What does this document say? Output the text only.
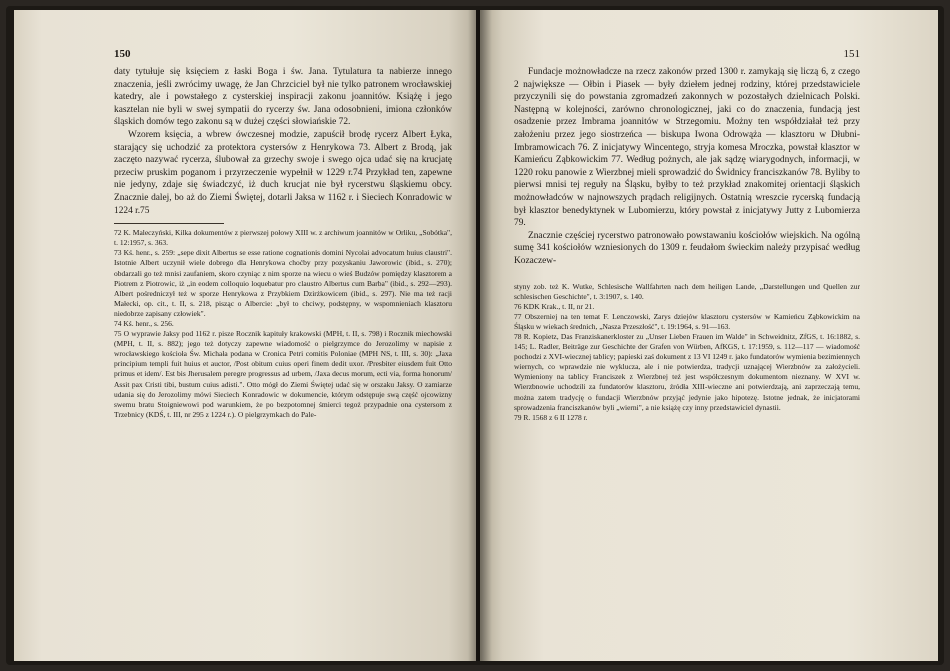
150

daty tytułuje się księciem z łaski Boga i św. Jana. Tytulatura ta nabierze innego znaczenia, jeśli zwrócimy uwagę, że Jan Chrzciciel był nie tylko patronem wrocławskiej katedry, ale i powstałego z cysterskiej inspiracji zakonu joannitów. Książę i jego kasztelan nie byli w swej sympatii do rycerzy św. Jana odosobnieni, imiona członków śląskich domów tego zakonu są w dużej części słowiańskie 72.

Wzorem księcia, a wbrew ówczesnej modzie, zapuścił brodę rycerz Albert Łyka, starający się uchodzić za protektora cystersów z Henrykowa 73. Albert z Brodą, jak zaczęto nazywać rycerza, ślubował za grzechy swoje i swego ojca udać się na krucjatę przeciw pruskim poganom i przyrzeczenie wypełnił w 1229 r.74 Przykład ten, zapewne nie jedyny, zdaje się świadczyć, iż duch krucjat nie był rycerstwu śląskiemu obcy. Znacznie dalej, bo aż do Ziemi Świętej, dotarli Jaksa w 1162 r. i Sieciech Konradowic w 1224 r.75

72 K. Maleczyński, Kilka dokumentów z pierwszej połowy XIII w. z archiwum joannitów w Orliku, „Sobótka", t. 12:1957, s. 363.

73 Kś. henr., s. 259: „sepe dixit Albertus se esse ratione cognationis domini Nycolai advocatum huius claustri". Istotnie Albert uczynił wiele dobrego dla Henrykowa choćby przy pozyskaniu Jaworowic (ibid., s. 270); obdarzali go też mnisi zaufaniem, skoro czyniąc z nim sporze na wiecu o wieś Budzów pomiędzy klasztorem a Piotrem z Piotrowic, iż „in eodem colloquio loquebatur pro claustro Albertus cum Barba" (ibid., s. 292—293). Albert pośredniczył też w sporze Henrykowa z Przybkiem Dzirżkowicem (ibid., s. 297). Nie ma też racji Małecki, op. cit., t. II, s. 218, pisząc o Albercie: „był to chciwy, podstępny, w wspomnieniach klasztoru niedobrze zapisany człowiek".

74 Kś. henr., s. 256.

75 O wyprawie Jaksy pod 1162 r. pisze Rocznik kapituły krakowski (MPH, t. II, s. 798) i Rocznik miechowski (MPH, t. II, s. 882); jego też dotyczy zapewne wiadomość o pielgrzymce do Jerozolimy w napisie z wrocławskiego kościoła Św. Michała podana w Cronica Petri comitis Poloniae (MPH NS, t. III, s. 30): „Jaxa principium templi fuit huius et auctor, /Post obitum cuius operi finem dedit uxor. /Presbiter eiusdem fuit Otto primus et idem/. Est bis Jherusalem peregre progressus ad urbem, /Jaxa decus morum, ecti via, forma honorum/ Assit pax Cristi tibi, bustum cuius adisti.". Otto mógł do Ziemi Świętej udać się w orszaku Jaksy. O zamiarze udania się do Jerozolimy mówi Sieciech Konradowic w dokumencie, którym odstępuje swą część ojcowizny swemu bratu Stoigniewowi pod warunkiem, że po bezpotomnej śmierci tegoż przypadnie ona cystersom z Trzebnicy (KDŚ, t. III, nr 295 z 1224 r.). O pielgrzymkach do Pale-

151

Fundacje możnowładcze na rzecz zakonów przed 1300 r. zamykają się liczą 6, z czego 2 największe — Ołbin i Piasek — były dziełem jednej rodziny, której przedstawiciele przyczynili się do powstania zgromadzeń zakonnych w pozostałych dzielnicach Polski. Następną w kolejności, zarówno chronologicznej, jaki co do znaczenia, fundacją jest osadzenie przez Imbrama joannitów w Strzegomiu. Możny ten współdziałał też przy założeniu przez jego siostrzeńca — biskupa Iwona Odrowąża — klasztoru w Dłubni-Imbramowicach 76. Z inicjatywy Wincentego, stryja komesa Mroczka, powstał klasztor w Kamieńcu Ząbkowickim 77. Według pożnych, ale jak sądzę wiarygodnych, informacji, w 1220 roku panowie z Wierzbnej mieli sprowadzić do Świdnicy franciszkanów 78. Byliby to pierwsi mnisi tej reguły na Śląsku, byłby to też przykład znakomitej orientacji śląskich możnowładców w najnowszych prądach religijnych. Ostatnią wreszcie rycerską fundacją był klasztor benedyktynek w Lubomierzu, który powstał z inicjatywy Jutty z Lubomierza 79.

Znacznie częściej rycerstwo patronowało powstawaniu kościołów wiejskich. Na ogólną sumę 341 kościołów wzniesionych do 1309 r. feudałom świeckim należy przypisać według Kozaczew-

styny zob. też K. Wutke, Schlesische Wallfahrten nach dem heiligen Lande, „Darstellungen und Quellen zur schlesischen Geschichte", t. 3:1907, s. 140.

76 KDK Krak., t. II, nr 21.

77 Obszerniej na ten temat F. Lenczowski, Zarys dziejów klasztoru cystersów w Kamieńcu Ząbkowickim na Śląsku w wiekach średnich, „Nasza Przeszłość", t. 19:1964, s. 91—163.

78 R. Kopietz, Das Franziskanerkloster zu „Unser Lieben Frauen im Walde" in Schweidnitz, ZfGS, t. 16:1882, s. 145; L. Radler, Beiträge zur Geschichte der Grafen von Würben, AfKGS, t. 17:1959, s. 112—117 — wiadomość pochodzi z XVI-wiecznej tablicy; papieski zaś dokument z 13 VI 1249 r. jako fundatorów wymienia bezimiennych wiernych, co wprawdzie nie wyklucza, ale i nie potwierdza, tradycji uznającej Wierzbnów za założycieli. Wymieniony na tablicy Franciszek z Wierzbnej też jest współczesnym dokumentom nieznany. W XVI w. Wierzbnowie uchodzili za fundatorów klasztoru, źródła XIII-wieczne ani potwierdzają, ani zaprzeczają temu, można zatem tradycję o fundacji Wierzbnów przyjąć jedynie jako hipotezę. Istotne jednak, że inicjatorami sprowadzenia franciszkanów byli „wierni", a nie książę czy inny przedstawiciel dynastii.

79 R. 1568 z 6 II 1278 r.
